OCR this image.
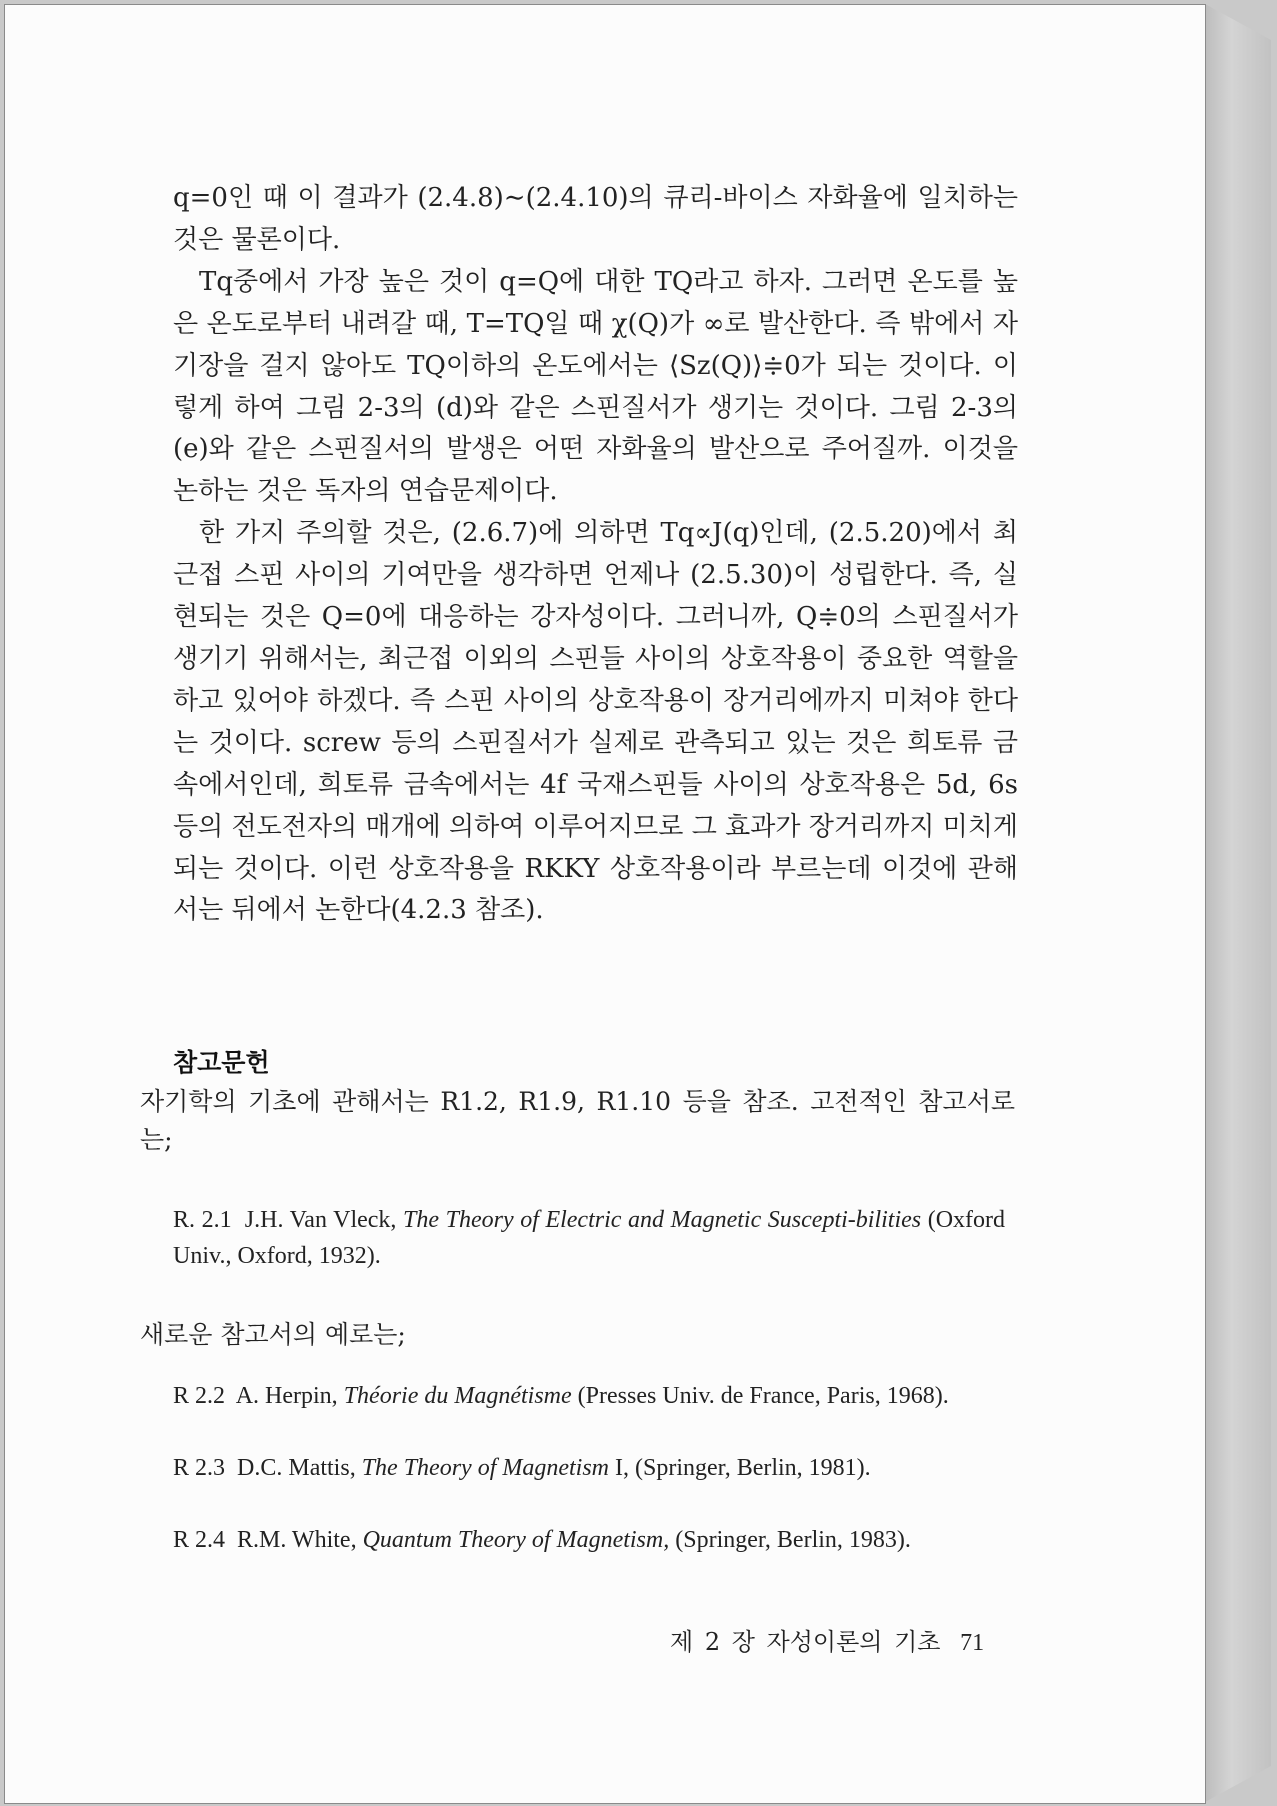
q=0인 때 이 결과가 (2.4.8)∼(2.4.10)의 큐리-바이스 자화율에 일치하는 것은 물론이다.

Tq중에서 가장 높은 것이 q=Q에 대한 TQ라고 하자. 그러면 온도를 높은 온도로부터 내려갈 때, T=TQ일 때 χ(Q)가 ∞로 발산한다. 즉 밖에서 자기장을 걸지 않아도 TQ이하의 온도에서는 ⟨Sz(Q)⟩≑0가 되는 것이다. 이렇게 하여 그림 2-3의 (d)와 같은 스핀질서가 생기는 것이다. 그림 2-3의 (e)와 같은 스핀질서의 발생은 어떤 자화율의 발산으로 주어질까. 이것을 논하는 것은 독자의 연습문제이다.

한 가지 주의할 것은, (2.6.7)에 의하면 Tq∝J(q)인데, (2.5.20)에서 최근접 스핀 사이의 기여만을 생각하면 언제나 (2.5.30)이 성립한다. 즉, 실현되는 것은 Q=0에 대응하는 강자성이다. 그러니까, Q≑0의 스핀질서가 생기기 위해서는, 최근접 이외의 스핀들 사이의 상호작용이 중요한 역할을 하고 있어야 하겠다. 즉 스핀 사이의 상호작용이 장거리에까지 미쳐야 한다는 것이다. screw 등의 스핀질서가 실제로 관측되고 있는 것은 희토류 금속에서인데, 희토류 금속에서는 4f 국재스핀들 사이의 상호작용은 5d, 6s 등의 전도전자의 매개에 의하여 이루어지므로 그 효과가 장거리까지 미치게 되는 것이다. 이런 상호작용을 RKKY 상호작용이라 부르는데 이것에 관해서는 뒤에서 논한다(4.2.3 참조).

참고문헌
자기학의 기초에 관해서는 R1.2, R1.9, R1.10 등을 참조. 고전적인 참고서로는;
R. 2.1 J.H. Van Vleck, The Theory of Electric and Magnetic Suscepti-bilities (Oxford Univ., Oxford, 1932).
새로운 참고서의 예로는;
R 2.2 A. Herpin, Théorie du Magnétisme (Presses Univ. de France, Paris, 1968).
R 2.3 D.C. Mattis, The Theory of Magnetism I, (Springer, Berlin, 1981).
R 2.4 R.M. White, Quantum Theory of Magnetism, (Springer, Berlin, 1983).
제 2 장 자성이론의 기초 71
